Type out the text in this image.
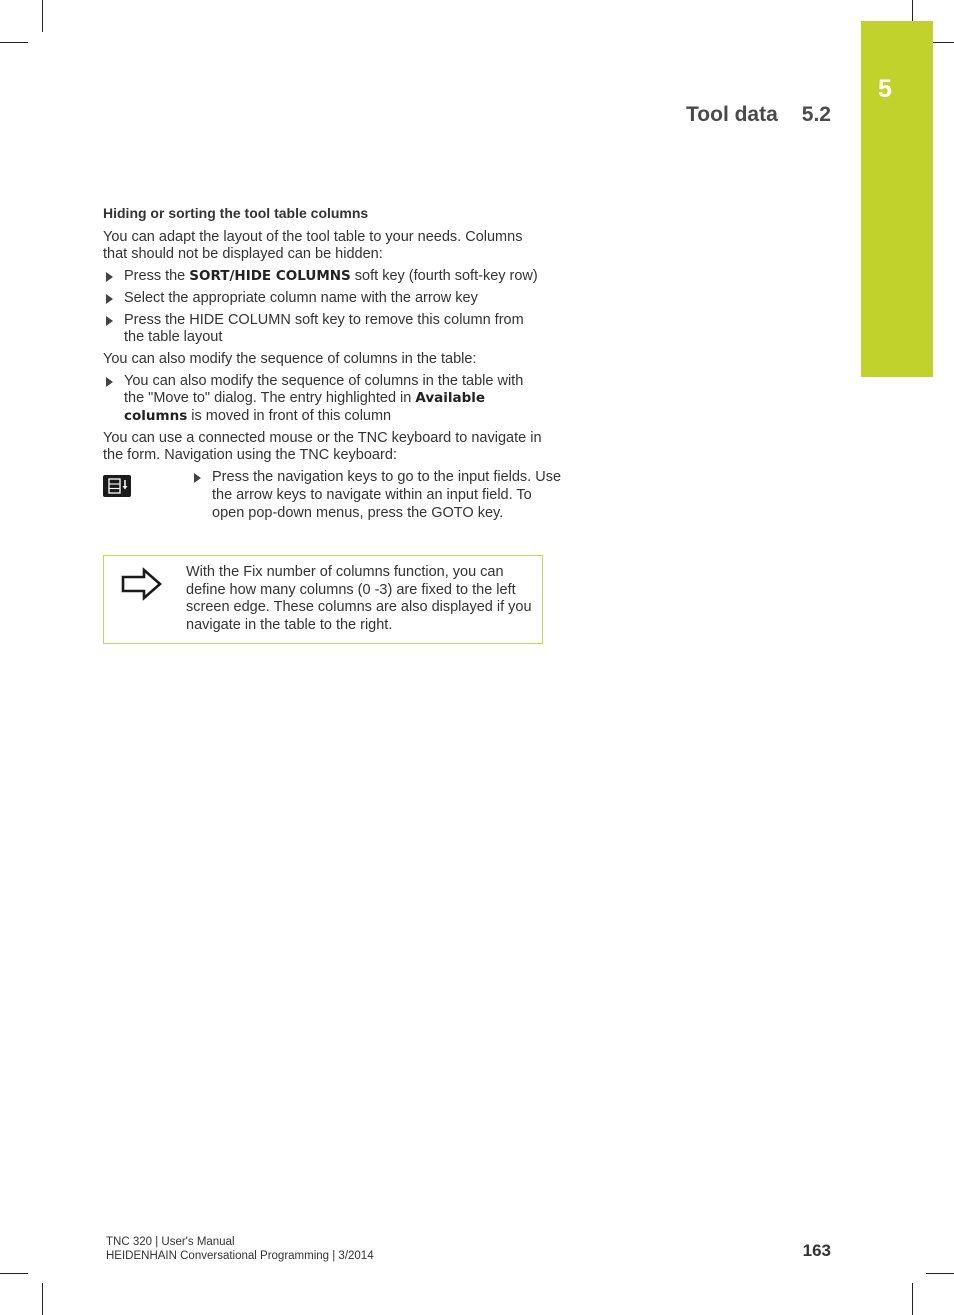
5
Tool data 5.2
Hiding or sorting the tool table columns

You can adapt the layout of the tool table to your needs. Columns that should not be displayed can be hidden:

Press the SORT/HIDE COLUMNS soft key (fourth soft-key row)
Select the appropriate column name with the arrow key
Press the HIDE COLUMN soft key to remove this column from the table layout

You can also modify the sequence of columns in the table:

You can also modify the sequence of columns in the table with the "Move to" dialog. The entry highlighted in Available columns is moved in front of this column

You can use a connected mouse or the TNC keyboard to navigate in the form. Navigation using the TNC keyboard:

Press the navigation keys to go to the input fields. Use the arrow keys to navigate within an input field. To open pop-down menus, press the GOTO key.
With the Fix number of columns function, you can define how many columns (0 -3) are fixed to the left screen edge. These columns are also displayed if you navigate in the table to the right.
TNC 320 | User's Manual
HEIDENHAIN Conversational Programming | 3/2014	163
